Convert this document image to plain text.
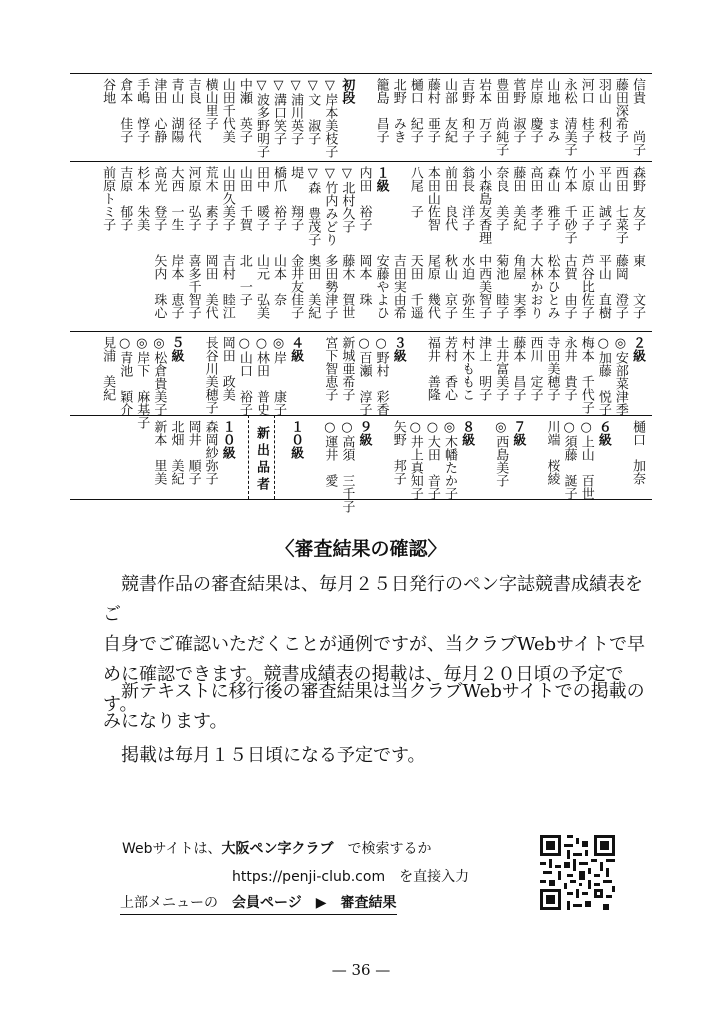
信貴　　尚子
藤田深希子
羽山　利枝
河口　桂子
永松　清美子
山地　まみ
岸原　慶子
菅野　淑子
豊田　尚純子
岩本　万子
吉野　和子
山部　友紀
藤村　亜子
樋口　紀子
北野　みき
籠島　昌子

初段
▽岸本美枝子
▽文　淑子
▽浦川英子
▽溝口笑子
▽波多野明子
中瀬　英子
山田千代美
横山里子
吉良　径代
青山　湖陽
津田　心静
手嶋　惇子
倉本　佳子
谷地
森野　友子
西田　七菜子
平山　誠子
小原　正子
竹本　千砂子
森山　雅子
高田　孝子
藤田　美紀
奈良　美子
小森島友香理
翁長　洋子
前田　良代
本田山佐智
八尾　子

１級
内田　裕子
▽北村久子
▽竹内みどり
▽森　豊茂子
堤　　翔子
橋爪　裕子
田中　暖子
山田　千賀
山田久美子
荒木　素子
河原　弘子
大西　一生
高光　登子
杉本　朱美
吉原　郁子
前原トミ子
東　　文子
藤岡　澄子
平山　直樹
芦谷比佐子
古賀　由子
松本ひとみ
大林かおり
角屋　実季
菊池　睦子
中西美智子
水迫　弥生
秋山　京子
尾原　幾代
天田　千遥
吉田実由希
安藤やよひ
岡本　珠
藤木　賀世
多田勢津子
奥田　美紀
金井友佳子
山本　奈
山元　弘美
北　一子
吉村　睦江
岡田　美代
喜多千智子
岸本　恵子
矢内　珠心
２級
◎安部菜津季
○加藤　悦子
梅本　千代子
永井　貴子
寺田美穂子
西川　定子
藤本　昌子
土井富美子
津上　明子
村木ももこ
芳村　香心
福井　善隆

３級
○野村　彩香
○百瀬　淳子
新城亜希子
宮下智恵子

４級
◎岸　　康子
○林田　普史
○山口　裕子
岡田　政美
長谷川美穂子

５級
◎松倉貴美子
◎岸下　麻基子
○青池　穎介
見浦　美紀
樋口　加奈

６級
○上山　百世
○須藤　誕子
川端　桜綾

７級
◎西島美子

８級
◎木幡たか子
○大田　音子
○井上真知子
矢野　邦子

９級
○高須　三千子
○運井　愛

１０級

新出品者

１０級
森岡紗弥子
岡井　順子
北畑　美紀
新本　里美
〈審査結果の確認〉
競書作品の審査結果は、毎月２５日発行のペン字誌競書成績表をご
自身でご確認いただくことが通例ですが、当クラブWebサイトで早
めに確認できます。競書成績表の掲載は、毎月２０日頃の予定です。
新テキストに移行後の審査結果は当クラブWebサイトでの掲載の
みになります。
掲載は毎月１５日頃になる予定です。
Webサイトは、大阪ペン字クラブ　 で検索するか
https://penji-club.com　 を直接入力
上部メニューの　 会員ページ　 ▶　 審査結果
— 36 —
